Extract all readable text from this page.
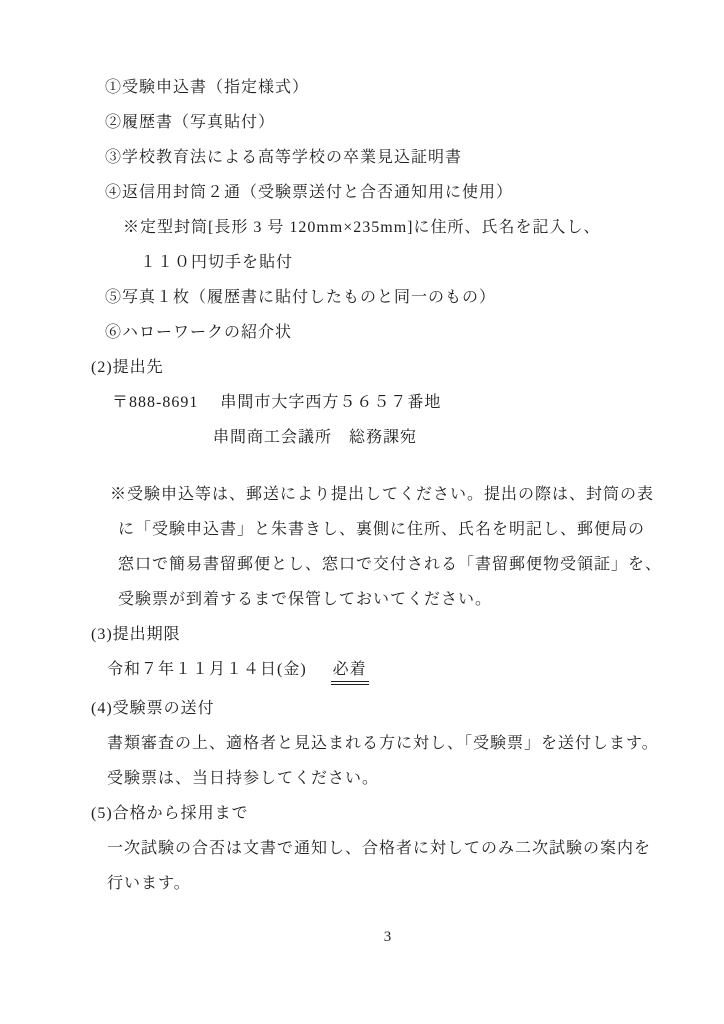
①受験申込書（指定様式）
②履歴書（写真貼付）
③学校教育法による高等学校の卒業見込証明書
④返信用封筒２通（受験票送付と合否通知用に使用）
※定型封筒[長形 3 号 120mm×235mm]に住所、氏名を記入し、
１１０円切手を貼付
⑤写真１枚（履歴書に貼付したものと同一のもの）
⑥ハローワークの紹介状
(2)提出先
〒888-8691　 串間市大字西方５６５７番地
串間商工会議所　総務課宛
※受験申込等は、郵送により提出してください。提出の際は、封筒の表
に「受験申込書」と朱書きし、裏側に住所、氏名を明記し、郵便局の
窓口で簡易書留郵便とし、窓口で交付される「書留郵便物受領証」を、
受験票が到着するまで保管しておいてください。
(3)提出期限
令和７年１１月１４日(金) 必着
(4)受験票の送付
書類審査の上、適格者と見込まれる方に対し、「受験票」を送付します。
受験票は、当日持参してください。
(5)合格から採用まで
一次試験の合否は文書で通知し、合格者に対してのみ二次試験の案内を
行います。
3
